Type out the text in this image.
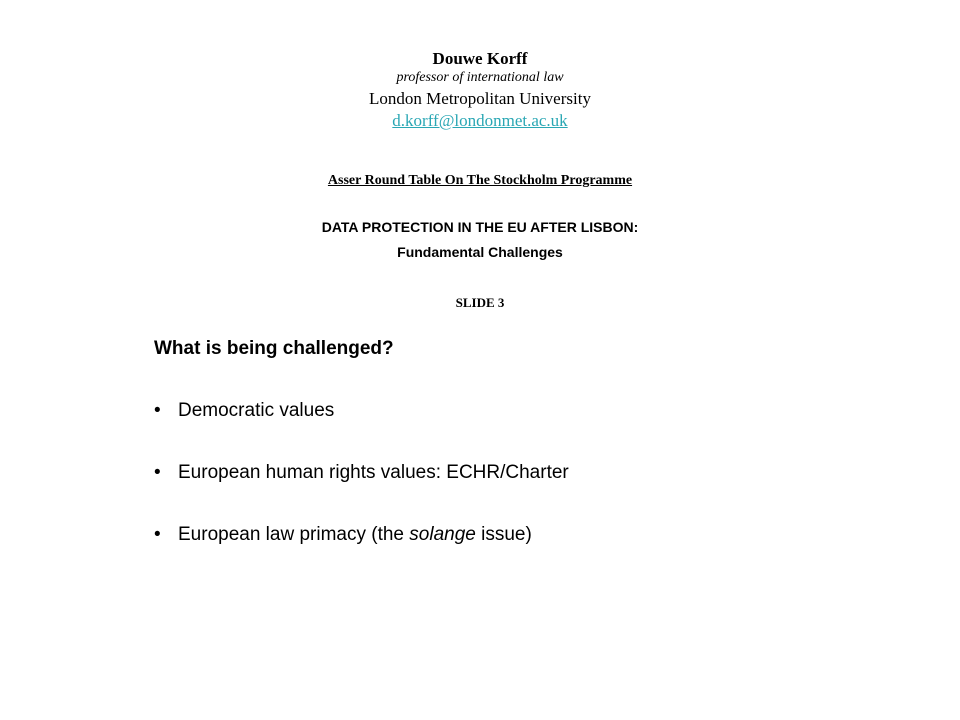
Douwe Korff
professor of international law
London Metropolitan University
d.korff@londonmet.ac.uk
Asser Round Table On The Stockholm Programme
DATA PROTECTION IN THE EU AFTER LISBON:
Fundamental Challenges
SLIDE 3
What is being challenged?
• Democratic values
• European human rights values: ECHR/Charter
• European law primacy (the solange issue)
